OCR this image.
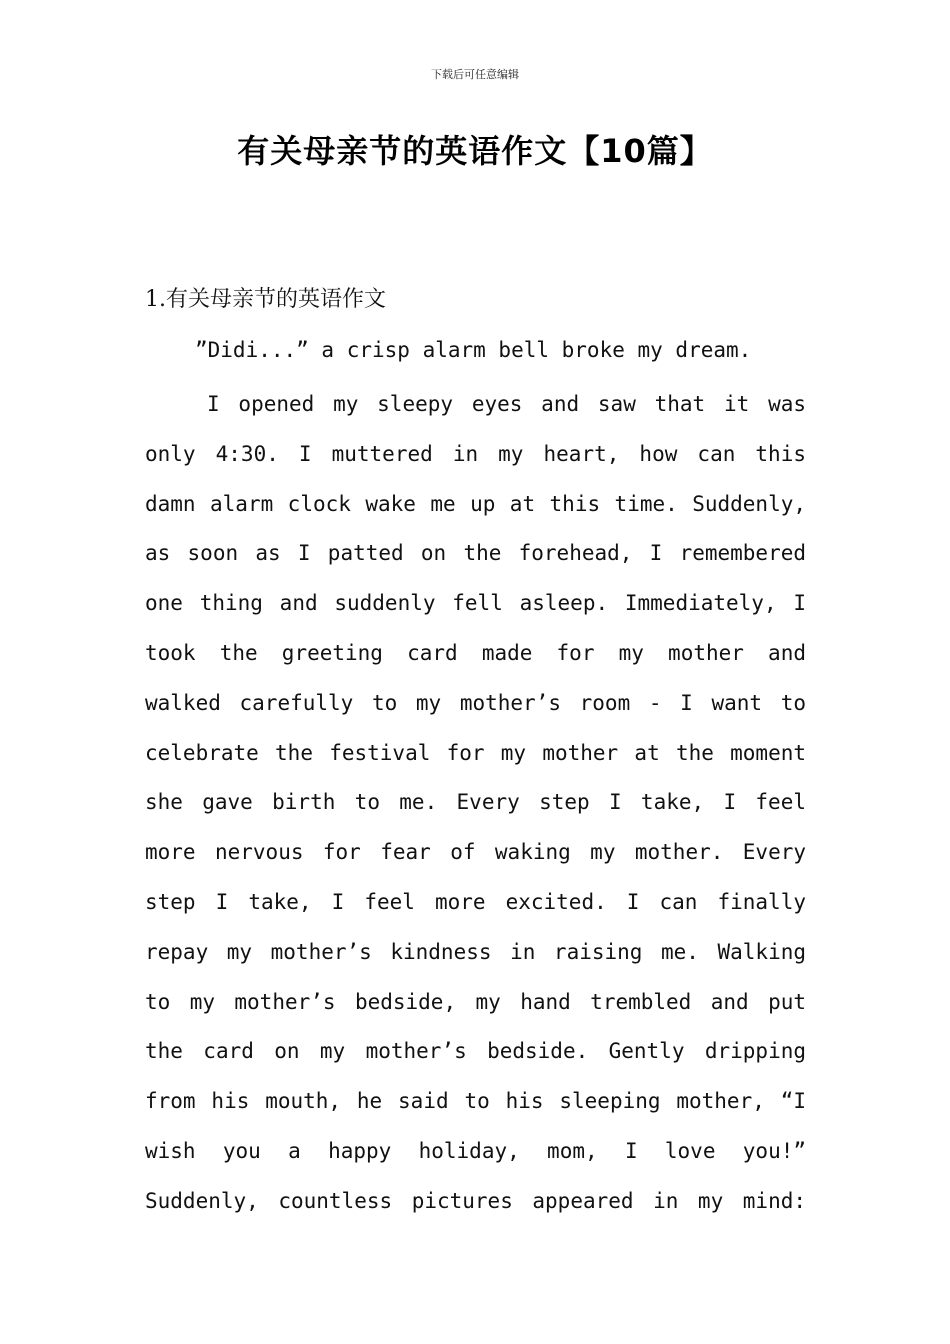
下载后可任意编辑
有关母亲节的英语作文【10篇】
1.有关母亲节的英语作文
”Didi...” a crisp alarm bell broke my dream.
I opened my sleepy eyes and saw that it was
only 4:30. I muttered in my heart, how can this
damn alarm clock wake me up at this time. Suddenly,
as soon as I patted on the forehead, I remembered
one thing and suddenly fell asleep. Immediately, I
took the greeting card made for my mother and
walked carefully to my mother’s room - I want to
celebrate the festival for my mother at the moment
she gave birth to me. Every step I take, I feel
more nervous for fear of waking my mother. Every
step I take, I feel more excited. I can finally
repay my mother’s kindness in raising me. Walking
to my mother’s bedside, my hand trembled and put
the card on my mother’s bedside. Gently dripping
from his mouth, he said to his sleeping mother, “I
wish you a happy holiday, mom, I love you!”
Suddenly, countless pictures appeared in my mind:
